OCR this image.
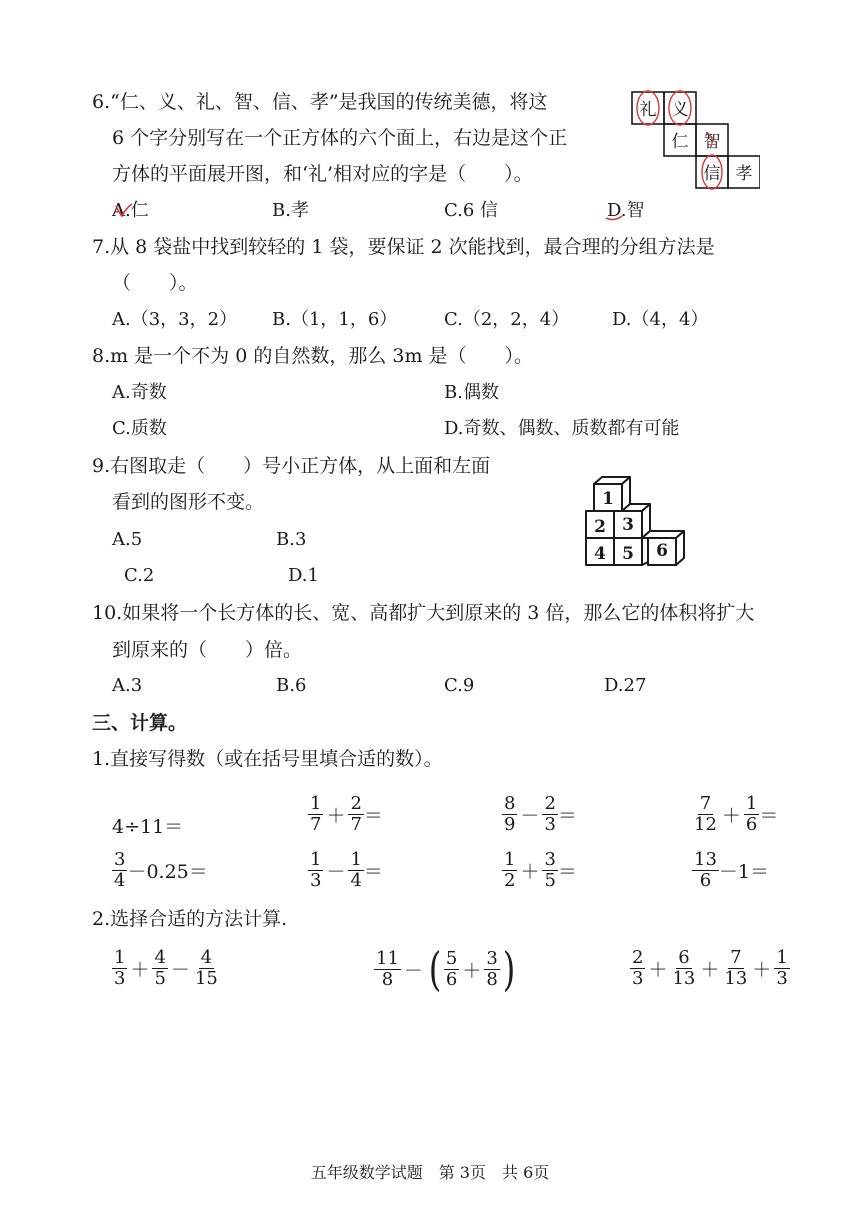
6.“仁、义、礼、智、信、孝”是我国的传统美德，将这
6 个字分别写在一个正方体的六个面上，右边是这个正
方体的平面展开图，和‘礼’相对应的字是（　　）。
A.仁	B.孝	C.6 信	D.智
礼 义
仁 智
信 孝
7.从 8 袋盐中找到较轻的 1 袋，要保证 2 次能找到，最合理的分组方法是
（　　）。
A.（3，3，2） B.（1，1，6）	C.（2，2，4） D.（4，4）
8.m 是一个不为 0 的自然数，那么 3m 是（　　）。
A.奇数	B.偶数
C.质数	D.奇数、偶数、质数都有可能
9.右图取走（　　）号小正方体，从上面和左面
看到的图形不变。
A.5	B.3
C.2	D.1
1
2 3
4 5 6
10.如果将一个长方体的长、宽、高都扩大到原来的 3 倍，那么它的体积将扩大
到原来的（　　）倍。
A.3	B.6	C.9	D.27
三、计算。
1.直接写得数（或在括号里填合适的数）。
4÷11＝	$\frac{1}{7} + \frac{2}{7}$ ＝	$\frac{8}{9} - \frac{2}{3}$ ＝	$\frac{7}{12} + \frac{1}{6}$ ＝
$\frac{3}{4} -0.25=$	$\frac{1}{3} - \frac{1}{4}$ ＝	$\frac{1}{2} + \frac{3}{5}$ ＝	$\frac{13}{6} -1=$
2.选择合适的方法计算.
$\frac{1}{3} + \frac{4}{5} - \frac{4}{15}$	$\frac{11}{8}$ － ( $\frac{5}{6} + \frac{3}{8}$ )	$\frac{2}{3} + \frac{6}{13} + \frac{7}{13} + \frac{1}{3}$
五年级数学试题　第 3页　共 6页
